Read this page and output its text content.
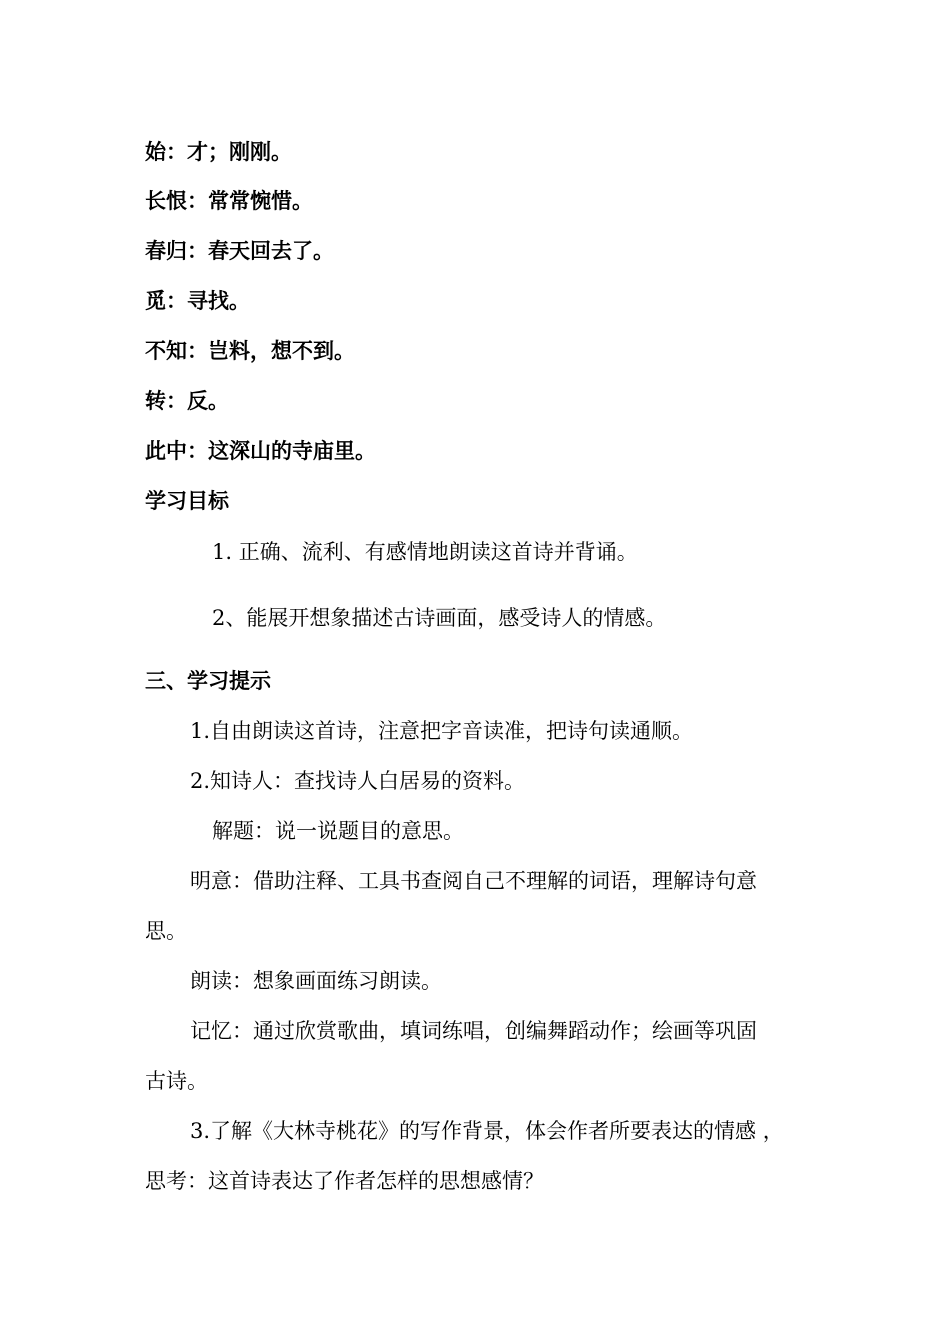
始：才；刚刚。
长恨：常常惋惜。
春归：春天回去了。
觅：寻找。
不知：岂料，想不到。
转：反。
此中：这深山的寺庙里。
学习目标
1. 正确、流利、有感情地朗读这首诗并背诵。
2、能展开想象描述古诗画面，感受诗人的情感。
三、学习提示
1.自由朗读这首诗，注意把字音读准，把诗句读通顺。
2.知诗人：查找诗人白居易的资料。
解题：说一说题目的意思。
明意：借助注释、工具书查阅自己不理解的词语，理解诗句意
思。
朗读：想象画面练习朗读。
记忆：通过欣赏歌曲，填词练唱，创编舞蹈动作；绘画等巩固
古诗。
3.了解《大林寺桃花》的写作背景，体会作者所要表达的情感 ，
思考：这首诗表达了作者怎样的思想感情？
